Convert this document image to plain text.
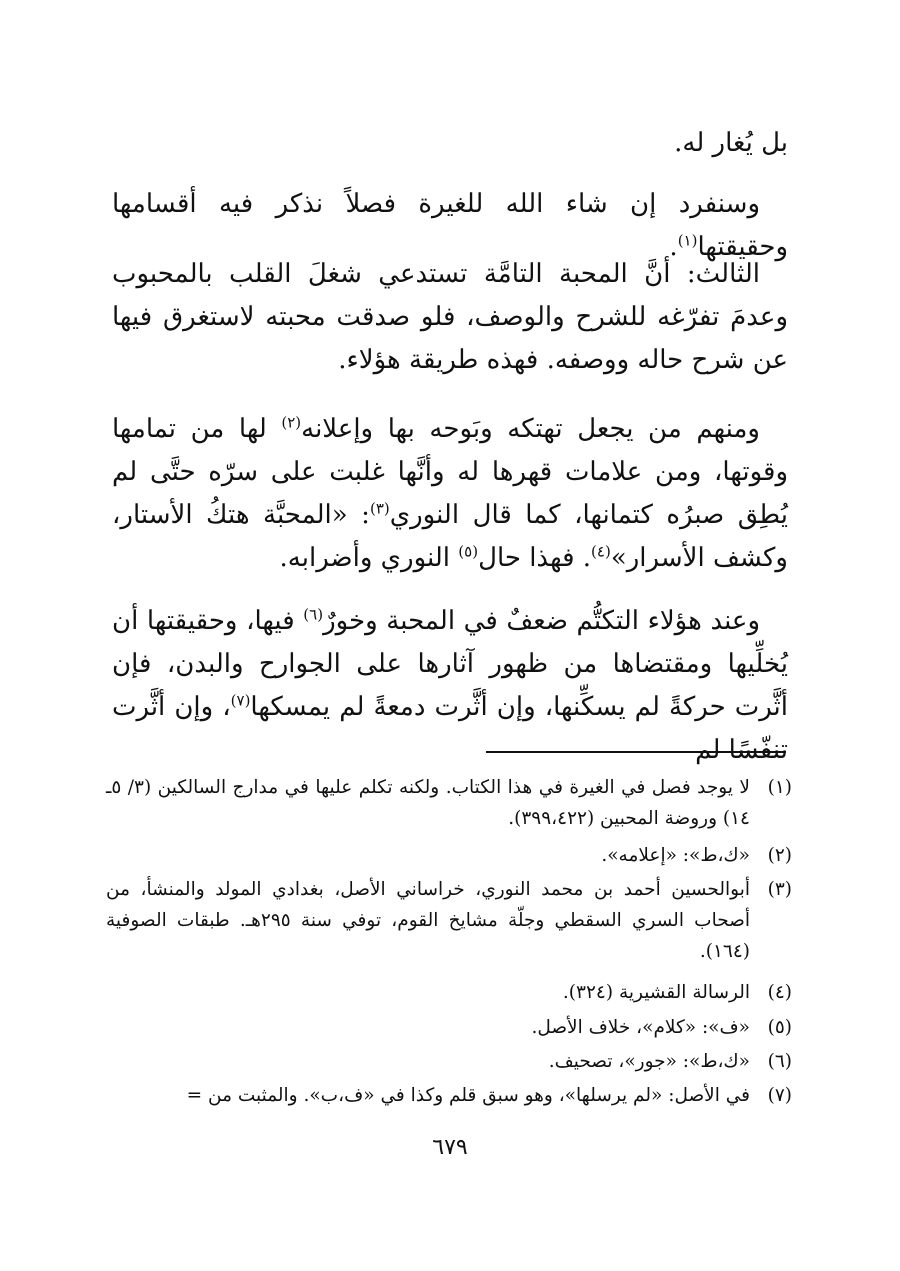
بل يُغار له.
وسنفرد إن شاء الله للغيرة فصلاً نذكر فيه أقسامها وحقيقتها$^{(١)}$.
الثالث: أنَّ المحبة التامَّة تستدعي شغلَ القلب بالمحبوب وعدمَ تفرّغه للشرح والوصف، فلو صدقت محبته لاستغرق فيها عن شرح حاله ووصفه. فهذه طريقة هؤلاء.
ومنهم من يجعل تهتكه وبَوحه بها وإعلانه$^{(٢)}$ لها من تمامها وقوتها، ومن علامات قهرها له وأنَّها غلبت على سرّه حتَّى لم يُطِق صبرُه كتمانها، كما قال النوري$^{(٣)}$: «المحبَّة هتكُ الأستار، وكشف الأسرار»$^{(٤)}$. فهذا حال$^{(٥)}$ النوري وأضرابه.
وعند هؤلاء التكتُّم ضعفٌ في المحبة وخورٌ$^{(٦)}$ فيها، وحقيقتها أن يُخلِّيها ومقتضاها من ظهور آثارها على الجوارح والبدن، فإن أثَّرت حركةً لم يسكِّنها، وإن أثَّرت دمعةً لم يمسكها$^{(٧)}$، وإن أثَّرت تنفّسًا لم
(١)
لا يوجد فصل في الغيرة في هذا الكتاب. ولكنه تكلم عليها في مدارج السالكين (٣/ ٥ـ ١٤) وروضة المحبين (٣٩٩،٤٢٢).
(٢)
«ك،ط»: «إعلامه».
(٣)
أبوالحسين أحمد بن محمد النوري، خراساني الأصل، بغدادي المولد والمنشأ، من أصحاب السري السقطي وجلّة مشايخ القوم، توفي سنة ٢٩٥هـ. طبقات الصوفية (١٦٤).
(٤)
الرسالة القشيرية (٣٢٤).
(٥)
«ف»: «كلام»، خلاف الأصل.
(٦)
«ك،ط»: «جور»، تصحيف.
(٧)
في الأصل: «لم يرسلها»، وهو سبق قلم وكذا في «ف،ب». والمثبت من =
٦٧٩
